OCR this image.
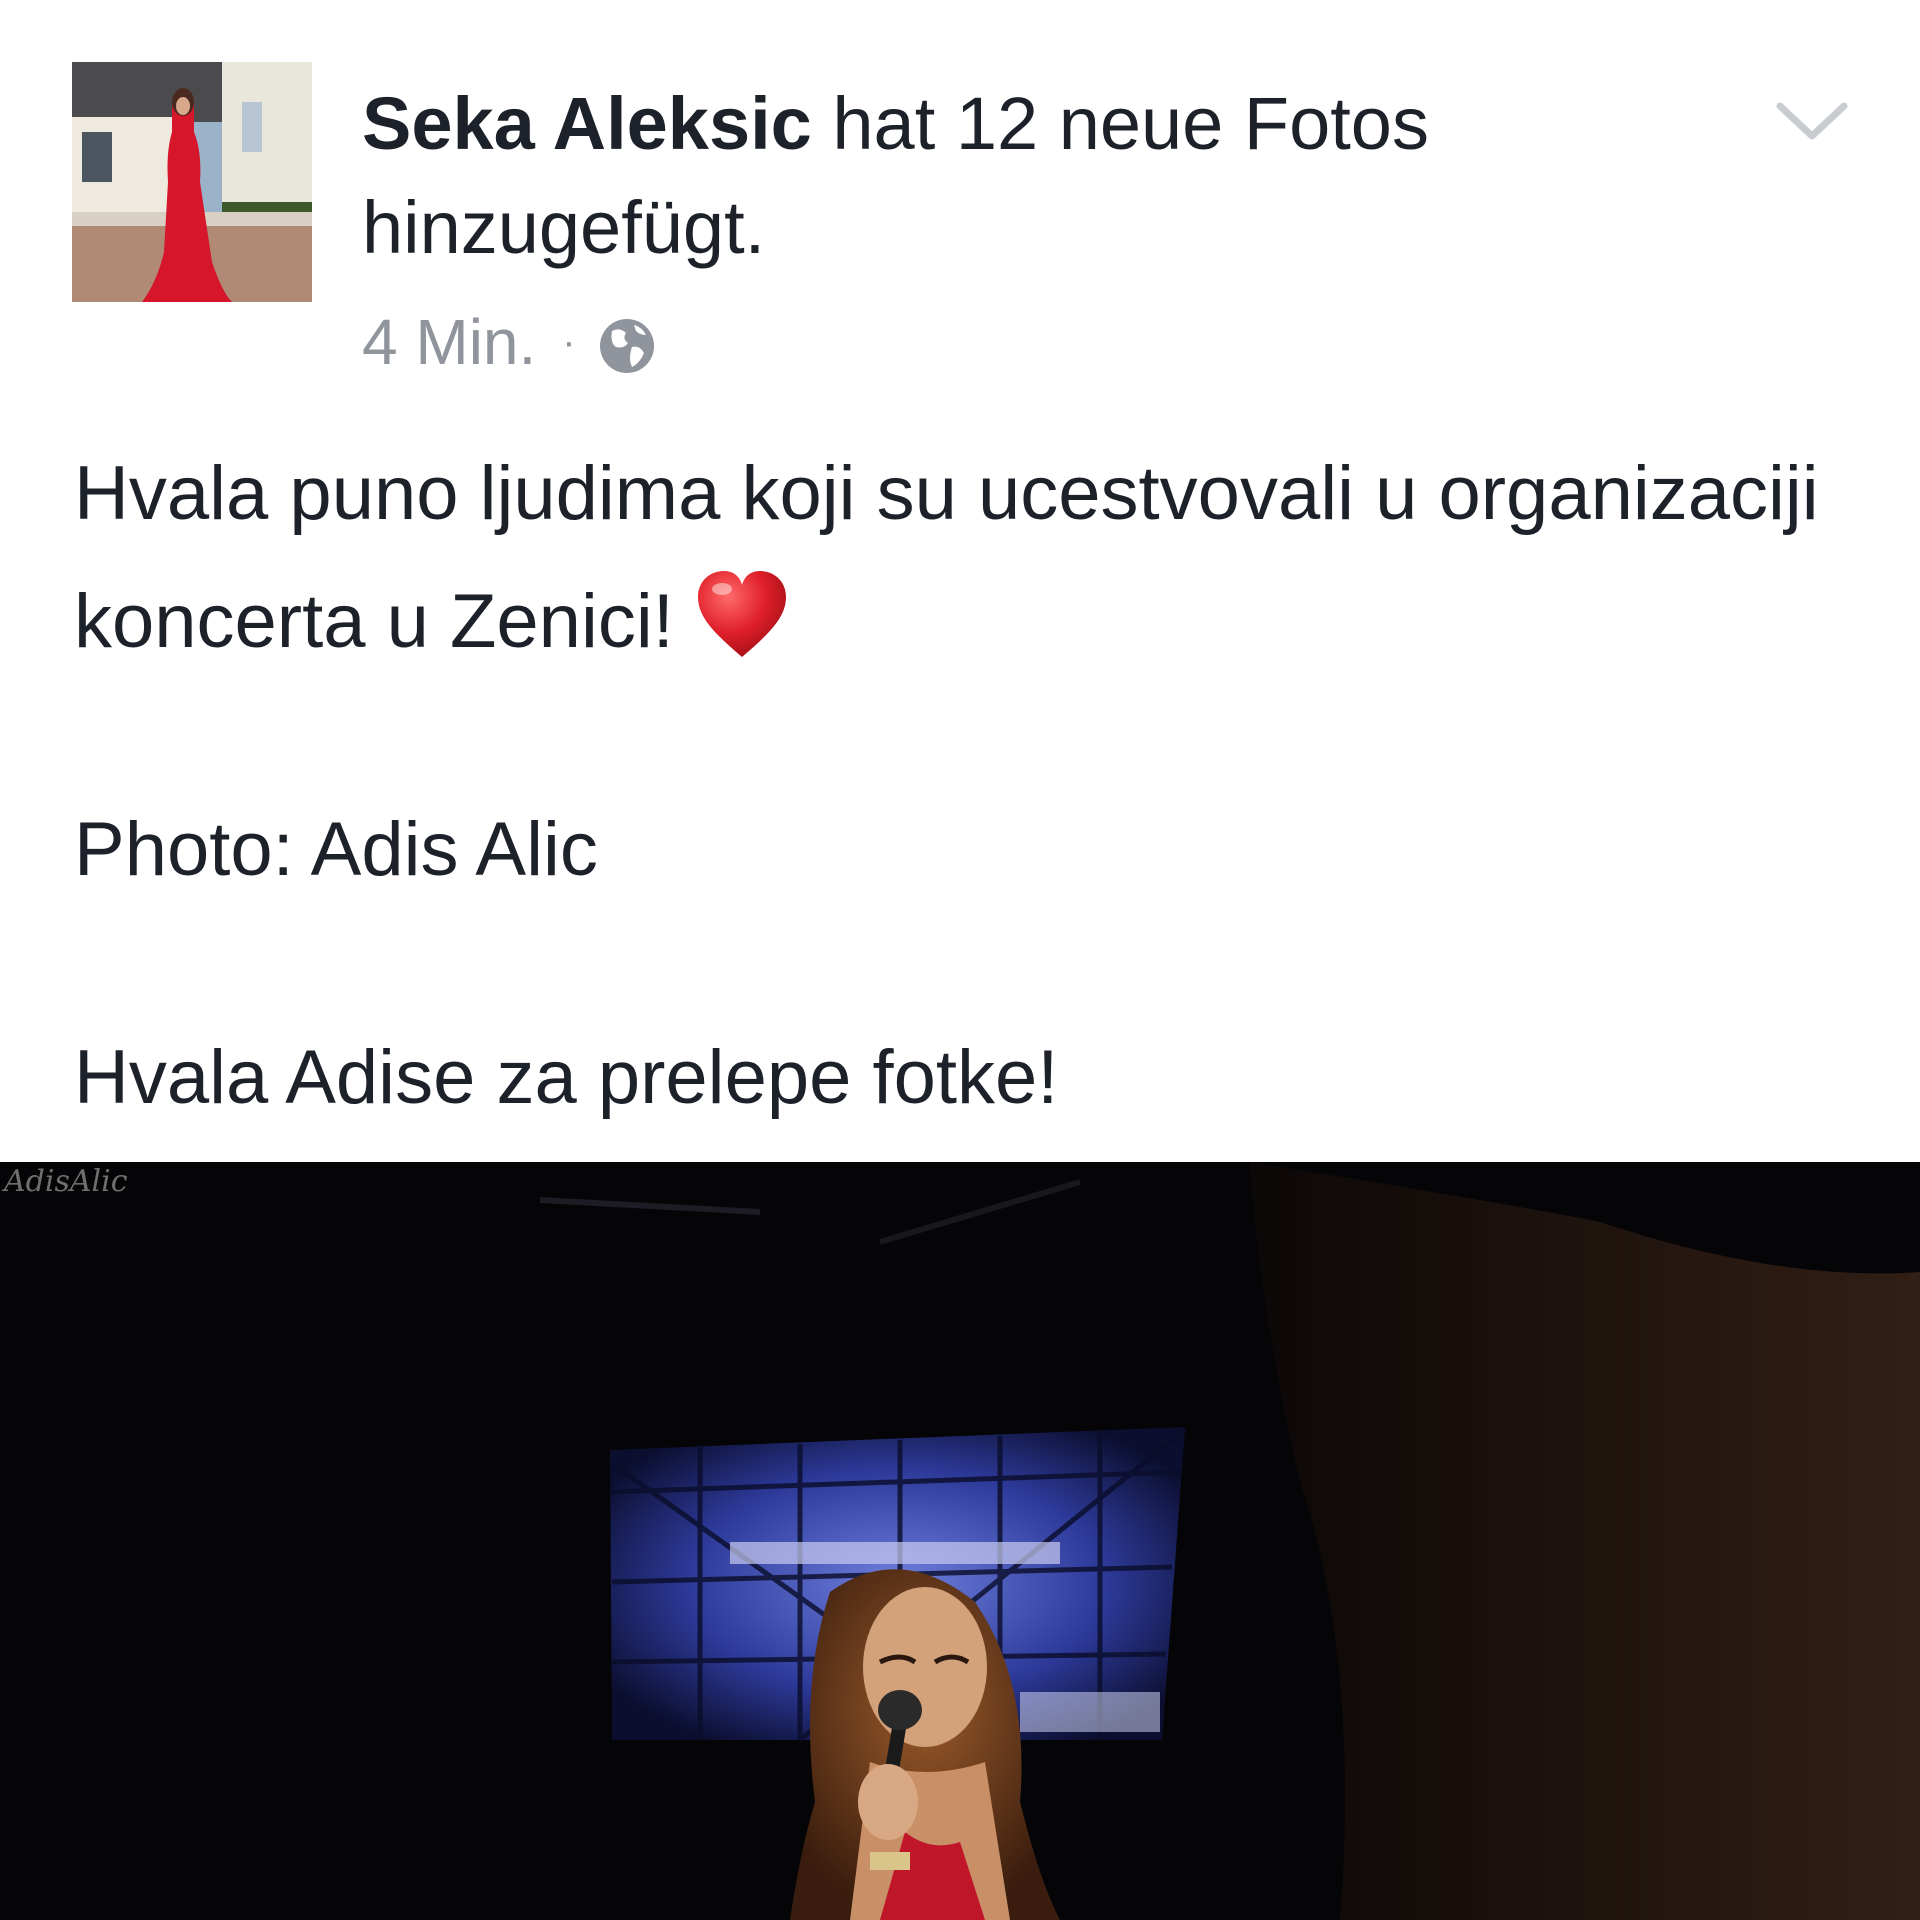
Seka Aleksic hat 12 neue Fotos hinzugefügt.
4 Min. ·

Hvala puno ljudima koji su ucestvovali u organizaciji koncerta u Zenici!

Photo: Adis Alic

Hvala Adise za prelepe fotke!

AdisAlic
